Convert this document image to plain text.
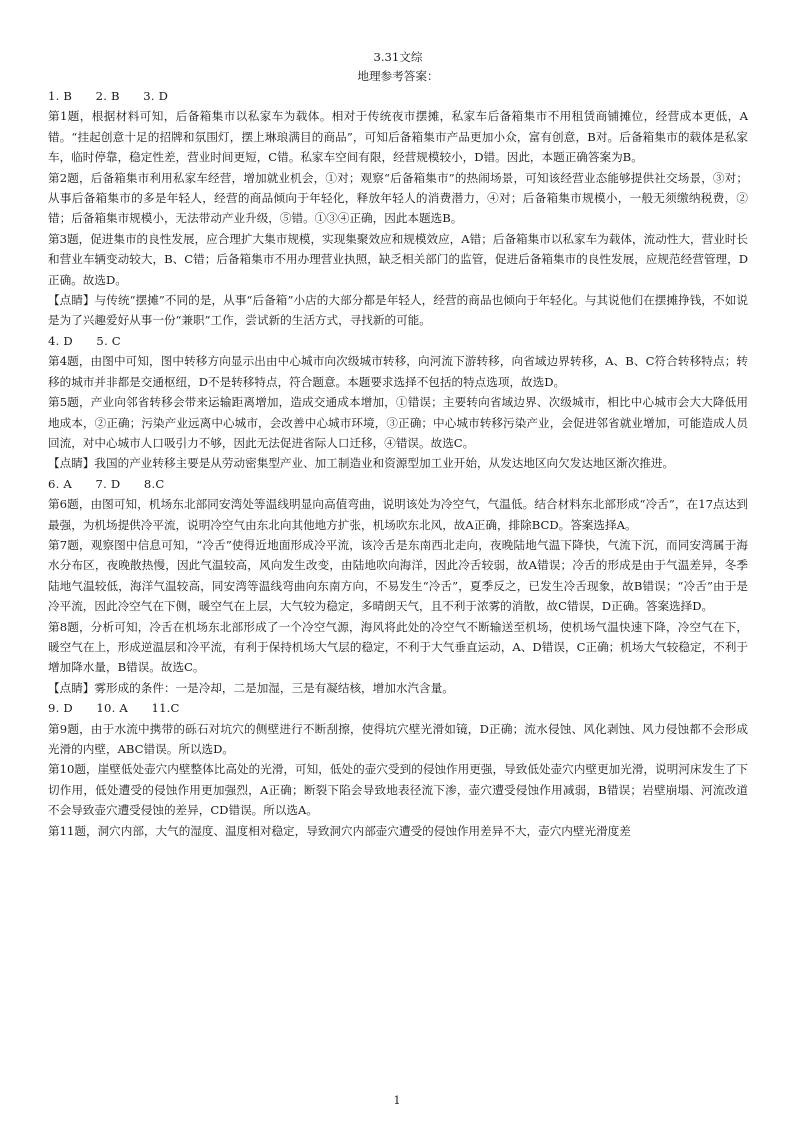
3.31文综

地理参考答案：

1. B　　2. B　　3. D

第1题，根据材料可知，后备箱集市以私家车为载体。相对于传统夜市摆摊，私家车后备箱集市不用租赁商铺摊位，经营成本更低，A错。“挂起创意十足的招牌和氛围灯，摆上琳琅满目的商品”，可知后备箱集市产品更加小众，富有创意，B对。后备箱集市的载体是私家车，临时停靠，稳定性差，营业时间更短，C错。私家车空间有限，经营规模较小，D错。因此，本题正确答案为B。

第2题，后备箱集市利用私家车经营，增加就业机会，①对；观察“后备箱集市”的热闹场景，可知该经营业态能够提供社交场景，③对；从事后备箱集市的多是年轻人，经营的商品倾向于年轻化，释放年轻人的消费潜力，④对；后备箱集市规模小，一般无须缴纳税费，②错；后备箱集市规模小，无法带动产业升级，⑤错。①③④正确，因此本题选B。

第3题，促进集市的良性发展，应合理扩大集市规模，实现集聚效应和规模效应，A错；后备箱集市以私家车为载体，流动性大，营业时长和营业车辆变动较大，B、C错；后备箱集市不用办理营业执照，缺乏相关部门的监管，促进后备箱集市的良性发展，应规范经营管理，D正确。故选D。

【点睛】与传统“摆摊”不同的是，从事“后备箱”小店的大部分都是年轻人，经营的商品也倾向于年轻化。与其说他们在摆摊挣钱，不如说是为了兴趣爱好从事一份“兼职”工作，尝试新的生活方式，寻找新的可能。

4. D　　5. C

第4题，由图中可知，图中转移方向显示出由中心城市向次级城市转移，向河流下游转移，向省域边界转移，A、B、C符合转移特点；转移的城市并非都是交通枢纽，D不是转移特点，符合题意。本题要求选择不包括的特点选项，故选D。

第5题，产业向邻省转移会带来运输距离增加，造成交通成本增加，①错误；主要转向省域边界、次级城市，相比中心城市会大大降低用地成本，②正确；污染产业远离中心城市，会改善中心城市环境，③正确；中心城市转移污染产业，会促进邻省就业增加，可能造成人员回流，对中心城市人口吸引力不够，因此无法促进省际人口迁移，④错误。故选C。

【点睛】我国的产业转移主要是从劳动密集型产业、加工制造业和资源型加工业开始，从发达地区向欠发达地区渐次推进。

6. A　　7. D　　8.C

第6题，由图可知，机场东北部同安湾处等温线明显向高值弯曲，说明该处为冷空气，气温低。结合材料东北部形成“冷舌”，在17点达到最强，为机场提供冷平流，说明冷空气由东北向其他地方扩张，机场吹东北风，故A正确，排除BCD。答案选择A。

第7题，观察图中信息可知，“冷舌”使得近地面形成冷平流，该冷舌是东南西北走向，夜晚陆地气温下降快，气流下沉，而同安湾属于海水分布区，夜晚散热慢，因此气温较高，风向发生改变，由陆地吹向海洋，因此冷舌较弱，故A错误；冷舌的形成是由于气温差异，冬季陆地气温较低，海洋气温较高，同安湾等温线弯曲向东南方向，不易发生“冷舌”，夏季反之，已发生冷舌现象，故B错误；“冷舌”由于是冷平流，因此冷空气在下侧，暖空气在上层，大气较为稳定，多晴朗天气，且不利于浓雾的消散，故C错误，D正确。答案选择D。

第8题，分析可知，冷舌在机场东北部形成了一个冷空气源，海风将此处的冷空气不断输送至机场，使机场气温快速下降，冷空气在下，暖空气在上，形成逆温层和冷平流，有利于保持机场大气层的稳定，不利于大气垂直运动，A、D错误，C正确；机场大气较稳定，不利于增加降水量，B错误。故选C。

【点睛】雾形成的条件：一是冷却，二是加湿，三是有凝结核，增加水汽含量。

9. D　　10. A　　11.C

第9题，由于水流中携带的砾石对坑穴的侧壁进行不断刮擦，使得坑穴壁光滑如镜，D正确；流水侵蚀、风化剥蚀、风力侵蚀都不会形成光滑的内壁，ABC错误。所以选D。

第10题，崖壁低处壶穴内壁整体比高处的光滑，可知，低处的壶穴受到的侵蚀作用更强，导致低处壶穴内壁更加光滑，说明河床发生了下切作用，低处遭受的侵蚀作用更加强烈，A正确；断裂下陷会导致地表径流下渗，壶穴遭受侵蚀作用减弱，B错误；岩壁崩塌、河流改道不会导致壶穴遭受侵蚀的差异，CD错误。所以选A。

第11题，洞穴内部，大气的湿度、温度相对稳定，导致洞穴内部壶穴遭受的侵蚀作用差异不大，壶穴内壁光滑度差

1
